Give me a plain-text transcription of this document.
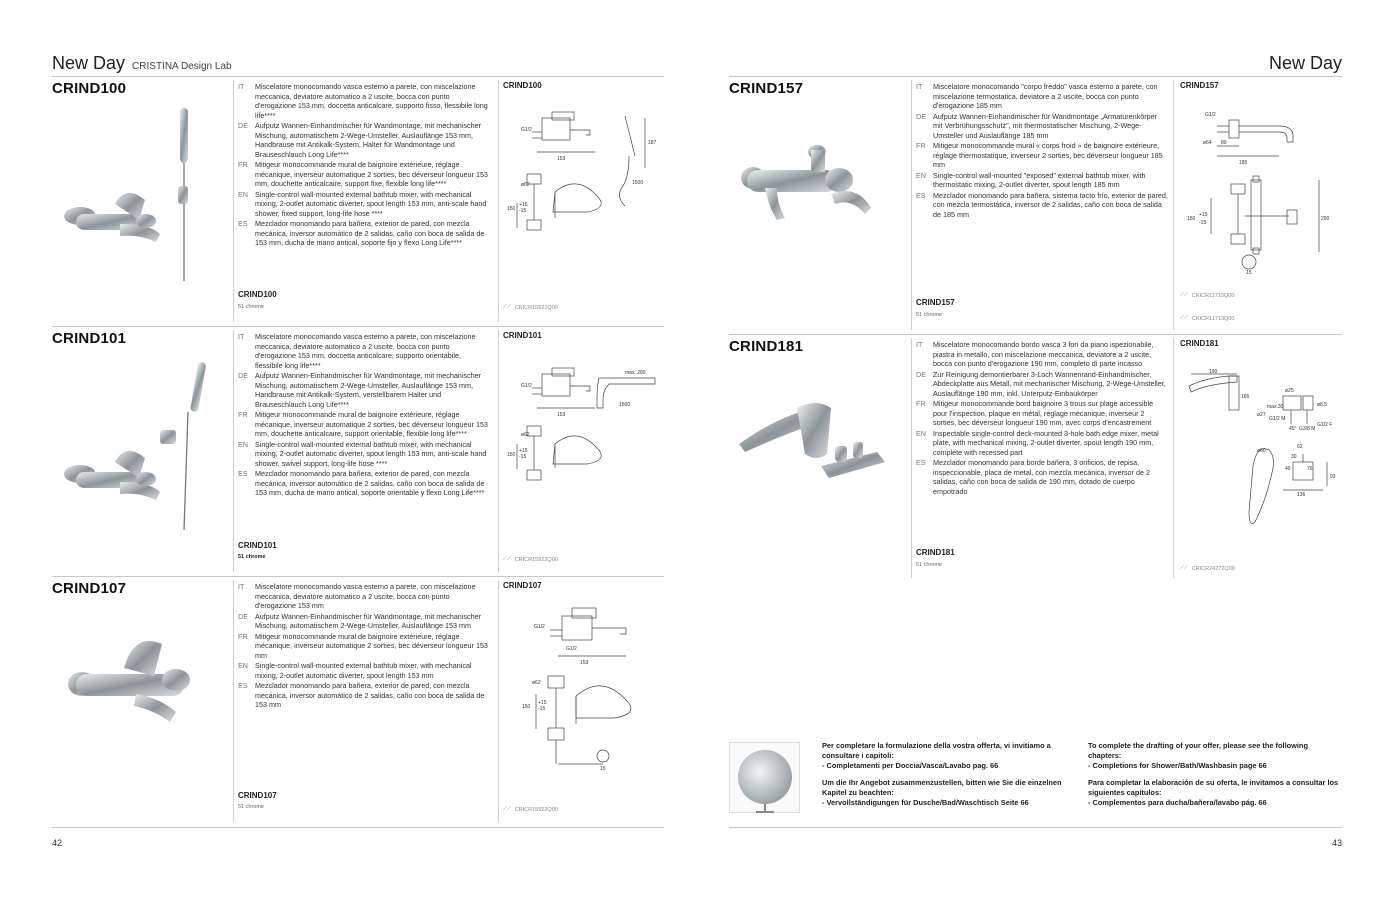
New Day CRISTINA Design Lab
CRIND100	IT	Miscelatore monocomando vasca esterno a parete, con miscelazione meccanica, deviatore automatico a 2 uscite, bocca con punto d'erogazione 153 mm, doccetta anticalcare, supporto fisso, flessibile long life****
DE Aufputz Wannen-Einhandmischer für Wandmontage, mit mechanischer Mischung, automatischem 2-Wege-Umsteller, Auslauflänge 153 mm, Handbrause mit Antikalk-System, Halter für Wandmontage und Brauseschlauch Long Life****
FR	Mitigeur monocommande mural de baignoire extérieure, réglage mécanique, inverseur automatique 2 sorties, bec déverseur longueur 153 mm, douchette anticalcaire, support fixe, flexible long life****
EN Single-control wall-mounted external bathtub mixer, with mechanical mixing, 2-outlet automatic diverter, spout length 153 mm, anti-scale hand shower, fixed support, long-life hose ****
ES	Mezclador monomando para bañera, exterior de pared, con mezcla mecánica, inversor automático de 2 salidas, caño con boca de salida de 153 mm, ducha de mano antical, soporte fijo y flexo Long Life****
CRIND100
51 chrome
CRIND100
G1/2
153
187
1500
ø62
150
+15
-15
⟋⟋ CRICR15922Q00
CRIND101	IT	Miscelatore monocomando vasca esterno a parete, con miscelazione meccanica, deviatore automatico a 2 uscite, bocca con punto d'erogazione 153 mm, doccetta anticalcare, supporto orientabile, flessibile long life****
DE Aufputz Wannen-Einhandmischer für Wandmontage, mit mechanischer Mischung, automatischem 2-Wege-Umsteller, Auslauflänge 153 mm, Handbrause mit Antikalk-System, verstellbarem Halter und Brauseschlauch Long Life****
FR	Mitigeur monocommande mural de baignoire extérieure, réglage mécanique, inverseur automatique 2 sorties, bec déverseur longueur 153 mm, douchette anticalcaire, support orientable, flexible long life****
EN Single-control wall-mounted external bathtub mixer, with mechanical mixing, 2-outlet automatic diverter, spout length 153 mm, anti-scale hand shower, swivel support, long-life hose ****
ES	Mezclador monomando para bañera, exterior de pared, con mezcla mecánica, inversor automático de 2 salidas, caño con boca de salida de 153 mm, ducha de mano antical, soporte orientable y flexo Long Life****
CRIND101
51 chrome
CRIND101
G1/2
153
max. 280
1500
ø62
150
+15
-15
⟋⟋ CRICR15922Q00
CRIND107	IT	Miscelatore monocomando vasca esterno a parete, con miscelazione meccanica, deviatore automatico a 2 uscite, bocca con punto d'erogazione 153 mm
DE Aufputz Wannen-Einhandmischer für Wandmontage, mit mechanischer Mischung, automatischem 2-Wege-Umsteller, Auslauflänge 153 mm
FR	Mitigeur monocommande mural de baignoire extérieure, réglage mécanique, inverseur automatique 2 sorties, bec déverseur longueur 153 mm
EN Single-control wall-mounted external bathtub mixer, with mechanical mixing, 2-outlet automatic diverter, spout length 153 mm
ES	Mezclador monomando para bañera, exterior de pared, con mezcla mecánica, inversor automático de 2 salidas, caño con boca de salida de 153 mm
CRIND107
51 chrome
CRIND107
G1/2
G1/2
153
ø62
150
+15
-15
15
⟋⟋ CRICR15922Q00
42
New Day
CRIND157	IT	Miscelatore monocomando "corpo freddo" vasca esterno a parete, con miscelazione termostatica, deviatore a 2 uscite, bocca con punto d'erogazione 185 mm
DE Aufputz Wannen-Einhandmischer für Wandmontage „Armaturenkörper mit Verbrühungsschutz", mit thermostatischer Mischung, 2-Wege-Umsteller und Auslauflänge 185 mm
FR	Mitigeur monocommande mural « corps froid » de baignoire extérieure, réglage thermostatique, inverseur 2 sorties, bec déverseur longueur 185 mm
EN Single-control wall-mounted "exposed" external bathtub mixer, with thermostatic mixing, 2-outlet diverter, spout length 185 mm
ES	Mezclador monomando para bañera, sistema tacto frío, exterior de pared, con mezcla termostática, inversor de 2 salidas, caño con boca de salida de 185 mm
CRIND157
51 chrome
CRIND157
G1/2
ø64 80
185
150
+15
-15
290
15
⟋⟋ CRICR11715Q00
⟋⟋ CRICR11713Q00
CRIND181	IT	Miscelatore monocomando bordo vasca 3 fori da piano ispezionabile, piastra in metallo, con miscelazione meccanica, deviatore a 2 uscite, bocca con punto d'erogazione 190 mm, completo di parte incasso
DE Zur Reinigung demontierbarer 3-Loch Wannenrand-Einhandmischer, Abdeckplatte aus Metall, mit mechanischer Mischung, 2-Wege-Umsteller, Auslauflänge 190 mm, inkl. Unterputz-Einbaukörper
FR	Mitigeur monocommande bord baignoire 3 trous sur plage accessible pour l'inspection, plaque en métal, réglage mécanique, inverseur 2 sorties, bec déverseur longueur 190 mm, avec corps d'encastrement
EN Inspectable single-control deck-mounted 3-hole bath edge mixer, metal plate, with mechanical mixing, 2-outlet diverter, spout length 190 mm, complete with recessed part
ES	Mezclador monomando para borde bañera, 3 orificios, de repisa, inspeccionable, placa de metal, con mezcla mecánica, inversor de 2 salidas, caño con boca de salida de 190 mm, dotado de cuerpo empotrado
CRIND181
51 chrome
CRIND181
190
165
ø25
ø27
max.30
G1/2 M
G1/2 F
ø8.5
ø60
62
76
40
93
136
30
45° G3/8 M
⟋⟋ CRICR24272Q00

Per completare la formulazione della vostra offerta, vi invitiamo a consultare i capitoli:
- Completamenti per Doccia/Vasca/Lavabo pag. 66

Um die Ihr Angebot zusammenzustellen, bitten wie Sie die einzelnen Kapitel zu beachten:
- Vervollständigungen für Dusche/Bad/Waschtisch Seite 66

To complete the drafting of your offer, please see the following chapters:
- Completions for Shower/Bath/Washbasin page 66

Para completar la elaboración de su oferta, le invitamos a consultar los siguientes capítulos:
- Complementos para ducha/bañera/lavabo pág. 66

43
